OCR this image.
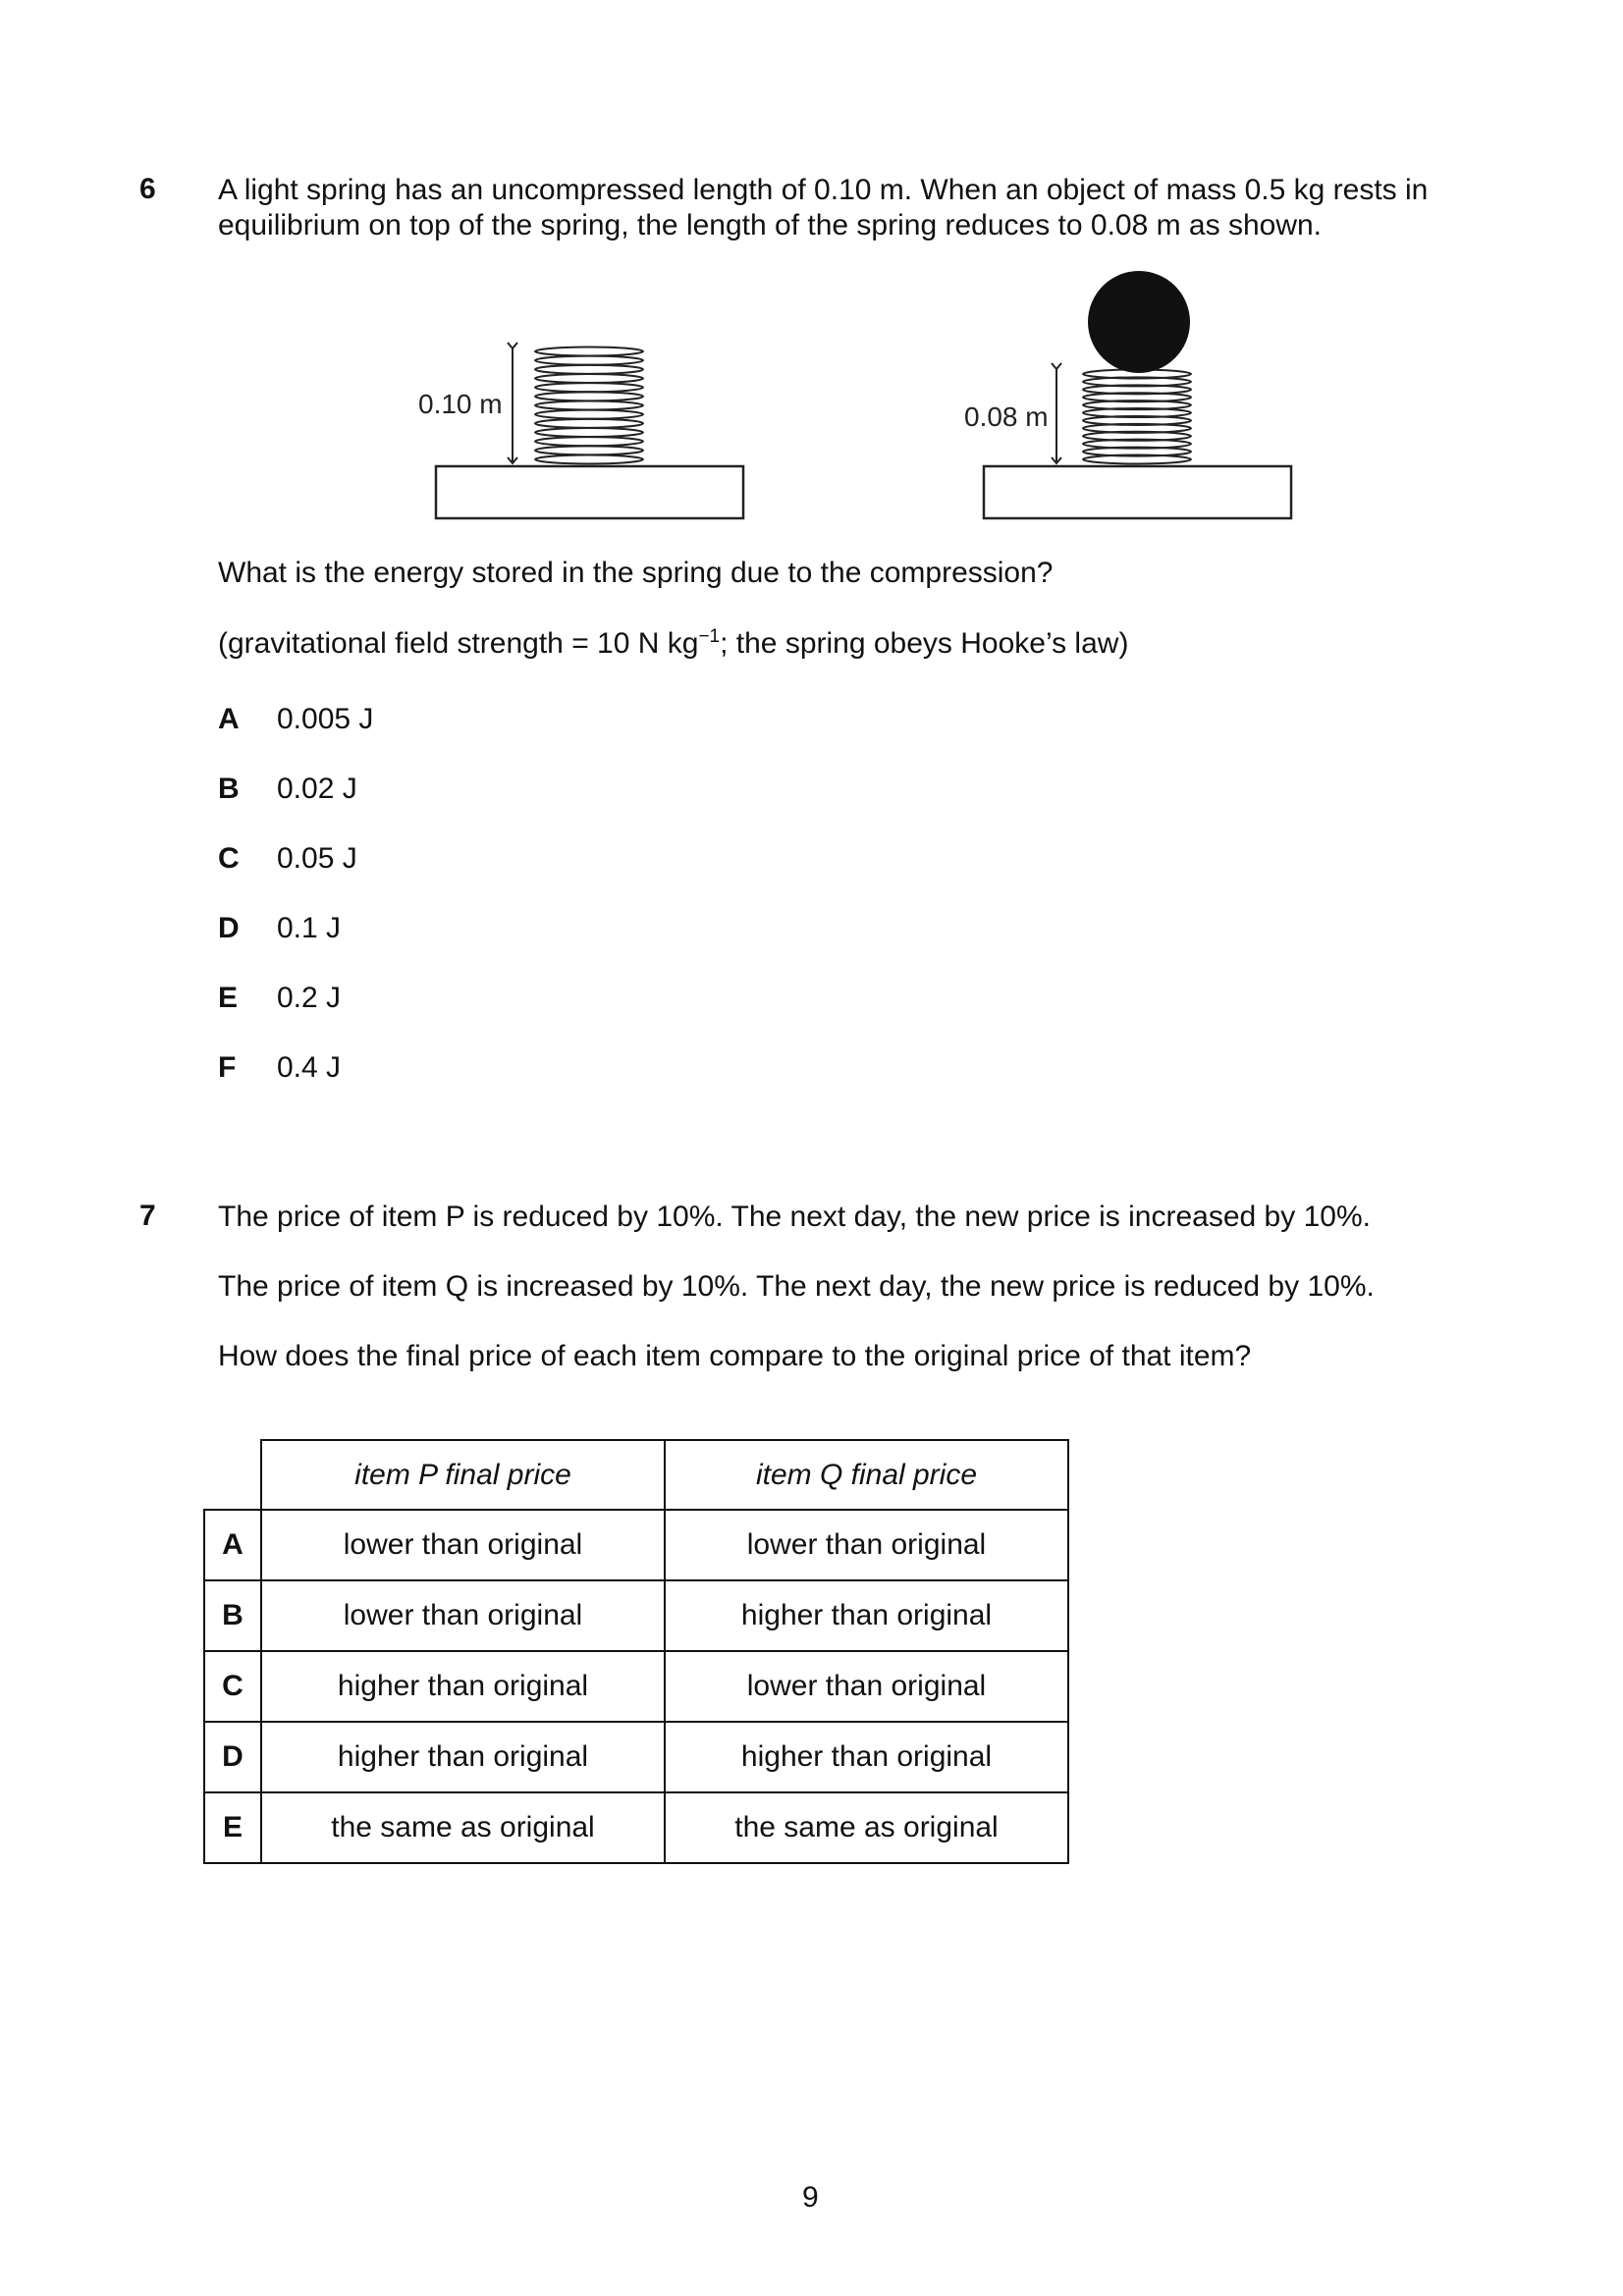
6 A light spring has an uncompressed length of 0.10 m. When an object of mass 0.5 kg rests in
equilibrium on top of the spring, the length of the spring reduces to 0.08 m as shown.
0.10 m	0.08 m
What is the energy stored in the spring due to the compression?
(gravitational field strength = 10 N $kg^{-1}$; the spring obeys Hooke’s law)
A 0.005 J
B 0.02 J
C 0.05 J
D 0.1 J
E 0.2 J
F 0.4 J
7 The price of item P is reduced by 10%. The next day, the new price is increased by 10%.
The price of item Q is increased by 10%. The next day, the new price is reduced by 10%.
How does the final price of each item compare to the original price of that item?
	item P final price	item Q final price
A	lower than original	lower than original
B	lower than original	higher than original
C	higher than original	lower than original
D	higher than original	higher than original
E	the same as original	the same as original
9
